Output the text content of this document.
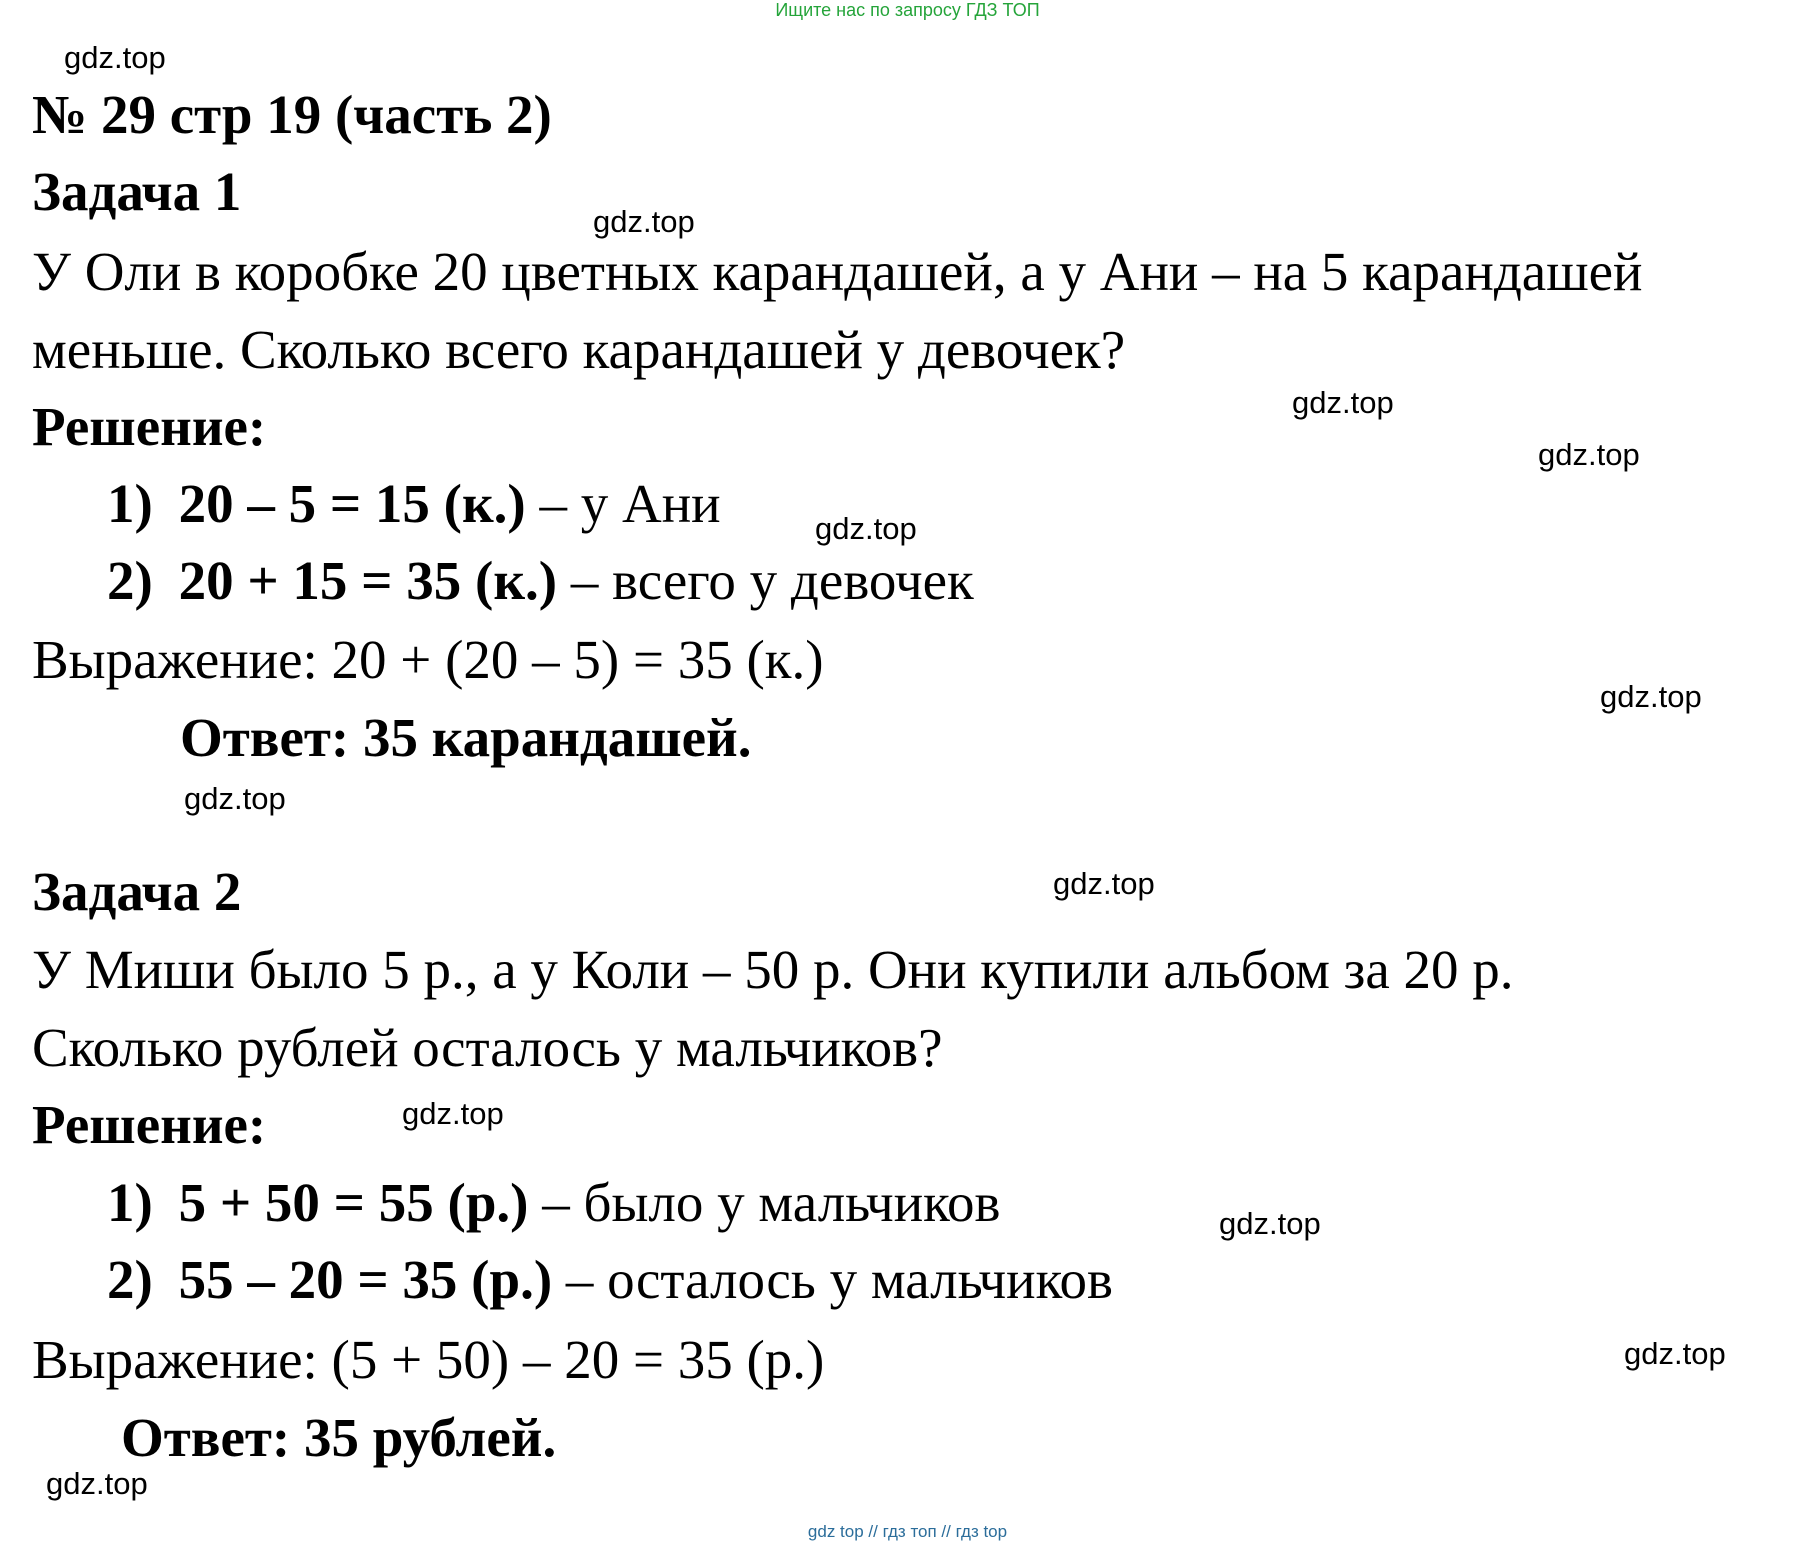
Ищите нас по запросу ГДЗ ТОП
gdz.top
gdz.top
gdz.top
gdz.top
gdz.top
gdz.top
gdz.top
gdz.top
gdz.top
gdz.top
gdz.top
gdz.top
№ 29 стр 19 (часть 2)
Задача 1
У Оли в коробке 20 цветных карандашей, а у Ани – на 5 карандашей
меньше. Сколько всего карандашей у девочек?
Решение:
1) 20 – 5 = 15 (к.) – у Ани
2) 20 + 15 = 35 (к.) – всего у девочек
Выражение: 20 + (20 – 5) = 35 (к.)
Ответ: 35 карандашей.
Задача 2
У Миши было 5 р., а у Коли – 50 р. Они купили альбом за 20 р.
Сколько рублей осталось у мальчиков?
Решение:
1) 5 + 50 = 55 (р.) – было у мальчиков
2) 55 – 20 = 35 (р.) – осталось у мальчиков
Выражение: (5 + 50) – 20 = 35 (р.)
Ответ: 35 рублей.
gdz top // гдз топ // гдз top
